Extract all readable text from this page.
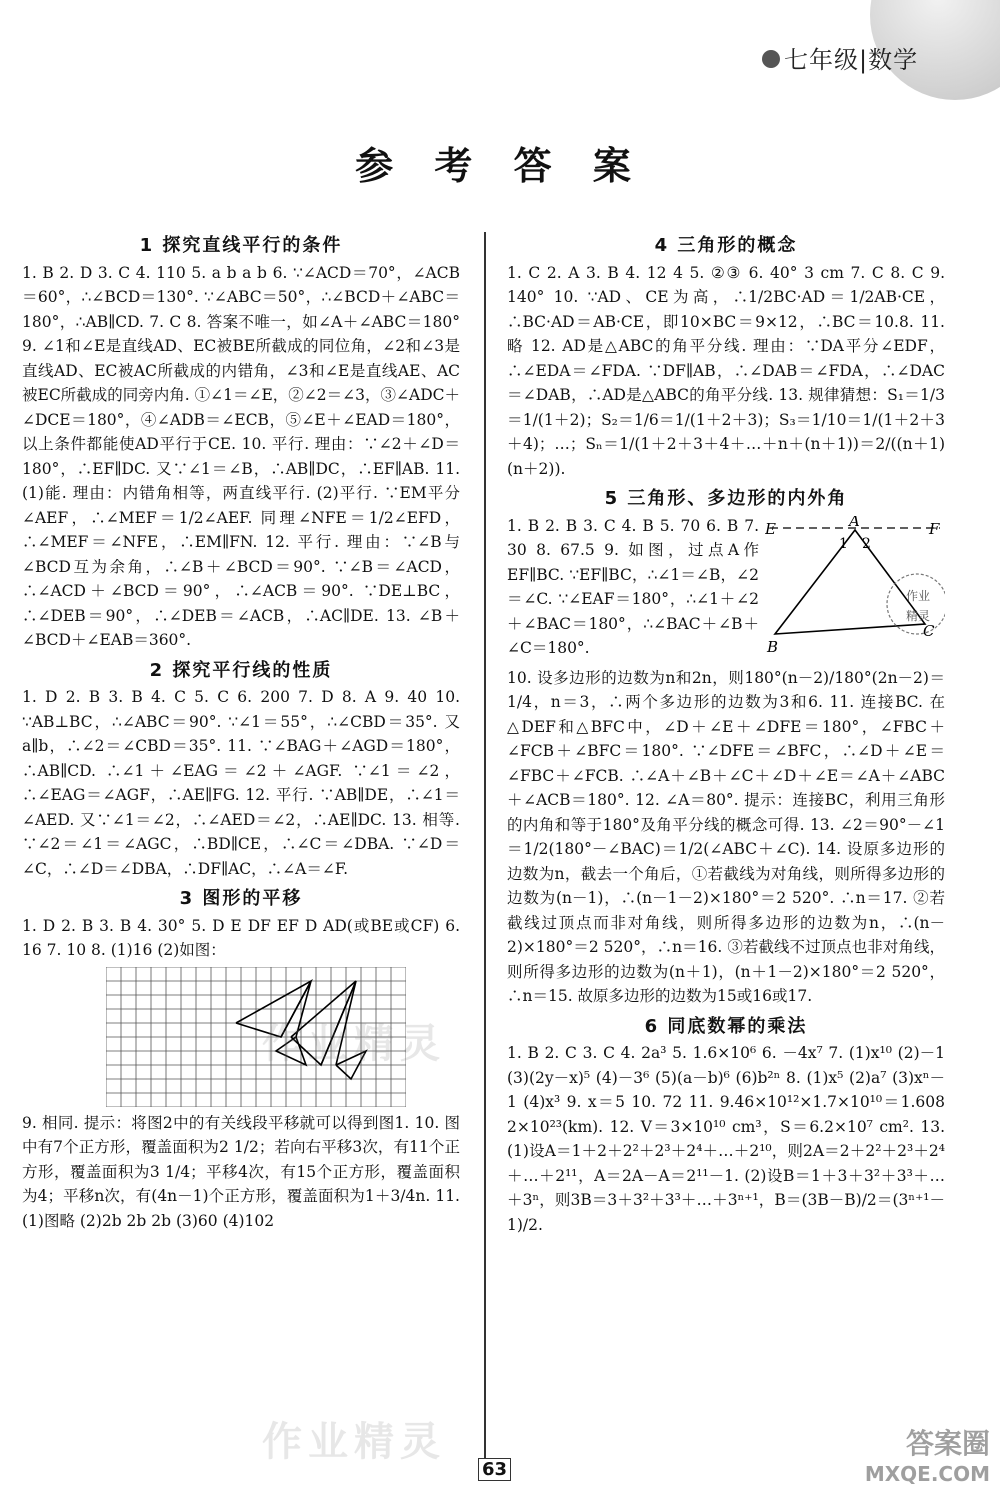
七年级|数学
参 考 答 案
1 探究直线平行的条件

1. B 2. D 3. C 4. 110 5. a b a b 6. ∵∠ACD＝70°，∠ACB＝60°，∴∠BCD＝130°. ∵∠ABC＝50°，∴∠BCD＋∠ABC＝180°，∴AB∥CD. 7. C 8. 答案不唯一，如∠A＋∠ABC＝180° 9. ∠1和∠E是直线AD、EC被BE所截成的同位角，∠2和∠3是直线AD、EC被AC所截成的内错角，∠3和∠E是直线AE、AC被EC所截成的同旁内角. ①∠1＝∠E，②∠2＝∠3，③∠ADC＋∠DCE＝180°，④∠ADB＝∠ECB，⑤∠E＋∠EAD＝180°，以上条件都能使AD平行于CE. 10. 平行. 理由：∵∠2＋∠D＝180°，∴EF∥DC. 又∵∠1＝∠B，∴AB∥DC，∴EF∥AB. 11. (1)能. 理由：内错角相等，两直线平行. (2)平行. ∵EM平分∠AEF，∴∠MEF＝1/2∠AEF. 同理∠NFE＝1/2∠EFD，∴∠MEF＝∠NFE，∴EM∥FN. 12. 平行. 理由：∵∠B与∠BCD互为余角，∴∠B＋∠BCD＝90°. ∵∠B＝∠ACD，∴∠ACD＋∠BCD＝90°，∴∠ACB＝90°. ∵DE⊥BC，∴∠DEB＝90°，∴∠DEB＝∠ACB，∴AC∥DE. 13. ∠B＋∠BCD＋∠EAB＝360°.

2 探究平行线的性质

1. D 2. B 3. B 4. C 5. C 6. 200 7. D 8. A 9. 40 10. ∵AB⊥BC，∴∠ABC＝90°. ∵∠1＝55°，∴∠CBD＝35°. 又a∥b，∴∠2＝∠CBD＝35°. 11. ∵∠BAG＋∠AGD＝180°，∴AB∥CD. ∴∠1＋∠EAG＝∠2＋∠AGF. ∵∠1＝∠2，∴∠EAG＝∠AGF，∴AE∥FG. 12. 平行. ∵AB∥DE，∴∠1＝∠AED. 又∵∠1＝∠2，∴∠AED＝∠2，∴AE∥DC. 13. 相等. ∵∠2＝∠1＝∠AGC，∴BD∥CE，∴∠C＝∠DBA. ∵∠D＝∠C，∴∠D＝∠DBA，∴DF∥AC，∴∠A＝∠F.

3 图形的平移

1. D 2. B 3. B 4. 30° 5. D E DF EF D AD(或BE或CF) 6. 16 7. 10 8. (1)16 (2)如图：

9. 相同. 提示：将图2中的有关线段平移就可以得到图1. 10. 图中有7个正方形，覆盖面积为2 1/2；若向右平移3次，有11个正方形，覆盖面积为3 1/4；平移4次，有15个正方形，覆盖面积为4；平移n次，有(4n－1)个正方形，覆盖面积为1＋3/4n. 11. (1)图略 (2)2b 2b 2b (3)60 (4)102

4 三角形的概念

1. C 2. A 3. B 4. 12 4 5. ②③ 6. 40° 3 cm 7. C 8. C 9. 140° 10. ∵AD、CE为高，∴1/2BC·AD＝1/2AB·CE，∴BC·AD＝AB·CE，即10×BC＝9×12，∴BC＝10.8. 11. 略 12. AD是△ABC的角平分线. 理由：∵DA平分∠EDF，∴∠EDA＝∠FDA. ∵DF∥AB，∴∠DAB＝∠FDA，∴∠DAC＝∠DAB，∴AD是△ABC的角平分线. 13. 规律猜想：S₁＝1/3＝1/(1＋2)；S₂＝1/6＝1/(1＋2＋3)；S₃＝1/10＝1/(1＋2＋3＋4)；…；Sₙ＝1/(1＋2＋3＋4＋…＋n＋(n＋1))＝2/((n＋1)(n＋2)).

5 三角形、多边形的内外角
E	A	F
1 2
B
C
作业
精灵

1. B 2. B 3. C 4. B 5. 70 6. B 7. 30 8. 67.5 9. 如图，过点A作EF∥BC. ∵EF∥BC，∴∠1＝∠B，∠2＝∠C. ∵∠EAF＝180°，∴∠1＋∠2＋∠BAC＝180°，∴∠BAC＋∠B＋∠C＝180°.

10. 设多边形的边数为n和2n，则180°(n－2)/180°(2n－2)＝1/4，n＝3，∴两个多边形的边数为3和6. 11. 连接BC. 在△DEF和△BFC中，∠D＋∠E＋∠DFE＝180°，∠FBC＋∠FCB＋∠BFC＝180°. ∵∠DFE＝∠BFC，∴∠D＋∠E＝∠FBC＋∠FCB. ∴∠A＋∠B＋∠C＋∠D＋∠E＝∠A＋∠ABC＋∠ACB＝180°. 12. ∠A＝80°. 提示：连接BC，利用三角形的内角和等于180°及角平分线的概念可得. 13. ∠2＝90°－∠1＝1/2(180°－∠BAC)＝1/2(∠ABC＋∠C). 14. 设原多边形的边数为n，截去一个角后，①若截线为对角线，则所得多边形的边数为(n－1)，∴(n－1－2)×180°＝2 520°. ∴n＝17. ②若截线过顶点而非对角线，则所得多边形的边数为n，∴(n－2)×180°＝2 520°，∴n＝16. ③若截线不过顶点也非对角线，则所得多边形的边数为(n＋1)，(n＋1－2)×180°＝2 520°，∴n＝15. 故原多边形的边数为15或16或17.

6 同底数幂的乘法

1. B 2. C 3. C 4. 2a³ 5. 1.6×10⁶ 6. －4x⁷ 7. (1)x¹⁰ (2)－1 (3)(2y－x)⁵ (4)－3⁶ (5)(a－b)⁶ (6)b²ⁿ 8. (1)x⁵ (2)a⁷ (3)xⁿ－1 (4)x³ 9. x＝5 10. 72 11. 9.46×10¹²×1.7×10¹⁰＝1.608 2×10²³(km). 12. V＝3×10¹⁰ cm³，S＝6.2×10⁷ cm². 13. (1)设A＝1＋2＋2²＋2³＋2⁴＋…＋2¹⁰，则2A＝2＋2²＋2³＋2⁴＋…＋2¹¹，A＝2A－A＝2¹¹－1. (2)设B＝1＋3＋3²＋3³＋…＋3ⁿ，则3B＝3＋3²＋3³＋…＋3ⁿ⁺¹，B＝(3B－B)/2＝(3ⁿ⁺¹－1)/2.

作业精灵
作业精灵
63
答案圈
MXQE.COM
